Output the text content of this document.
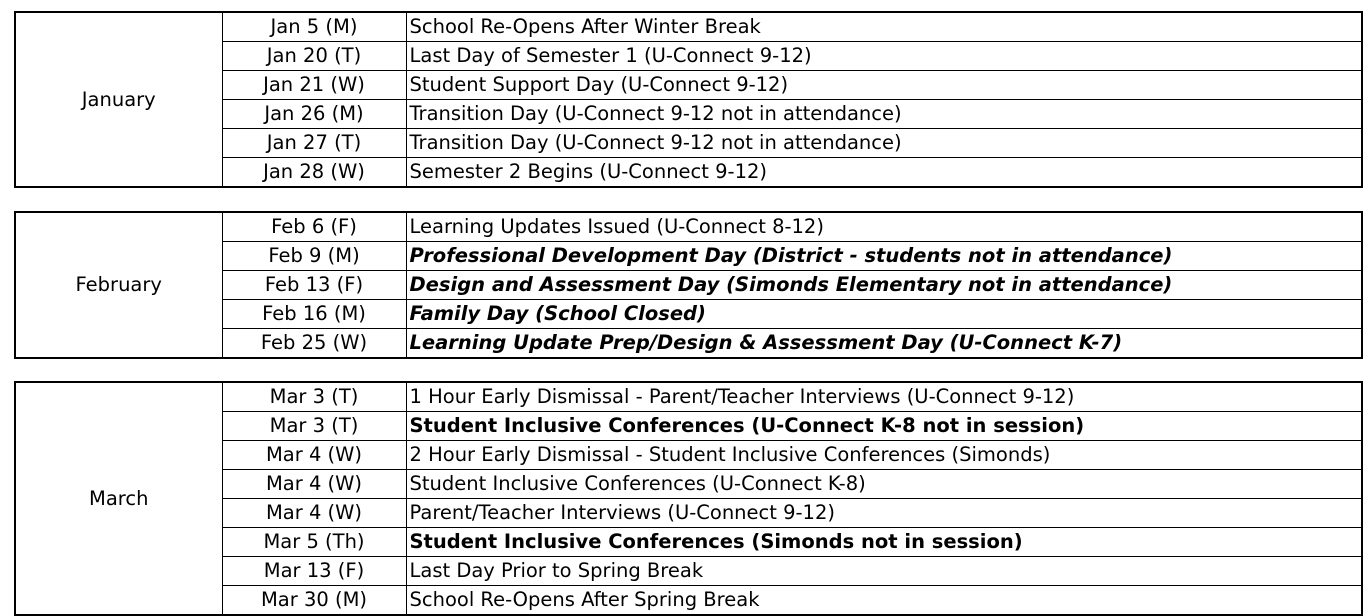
January	Jan 5 (M)	School Re-Opens After Winter Break
	Jan 20 (T)	Last Day of Semester 1 (U-Connect 9-12)
	Jan 21 (W)	Student Support Day (U-Connect 9-12)
	Jan 26 (M)	Transition Day (U-Connect 9-12 not in attendance)
	Jan 27 (T)	Transition Day (U-Connect 9-12 not in attendance)
	Jan 28 (W)	Semester 2 Begins (U-Connect 9-12)
February	Feb 6 (F)	Learning Updates Issued (U-Connect 8-12)
	Feb 9 (M)	Professional Development Day (District - students not in attendance)
	Feb 13 (F)	Design and Assessment Day (Simonds Elementary not in attendance)
	Feb 16 (M)	Family Day (School Closed)
	Feb 25 (W)	Learning Update Prep/Design & Assessment Day (U-Connect K-7)
March	Mar 3 (T)	1 Hour Early Dismissal - Parent/Teacher Interviews (U-Connect 9-12)
	Mar 3 (T)	Student Inclusive Conferences (U-Connect K-8 not in session)
	Mar 4 (W)	2 Hour Early Dismissal - Student Inclusive Conferences (Simonds)
	Mar 4 (W)	Student Inclusive Conferences (U-Connect K-8)
	Mar 4 (W)	Parent/Teacher Interviews (U-Connect 9-12)
	Mar 5 (Th)	Student Inclusive Conferences (Simonds not in session)
	Mar 13 (F)	Last Day Prior to Spring Break
	Mar 30 (M)	School Re-Opens After Spring Break
